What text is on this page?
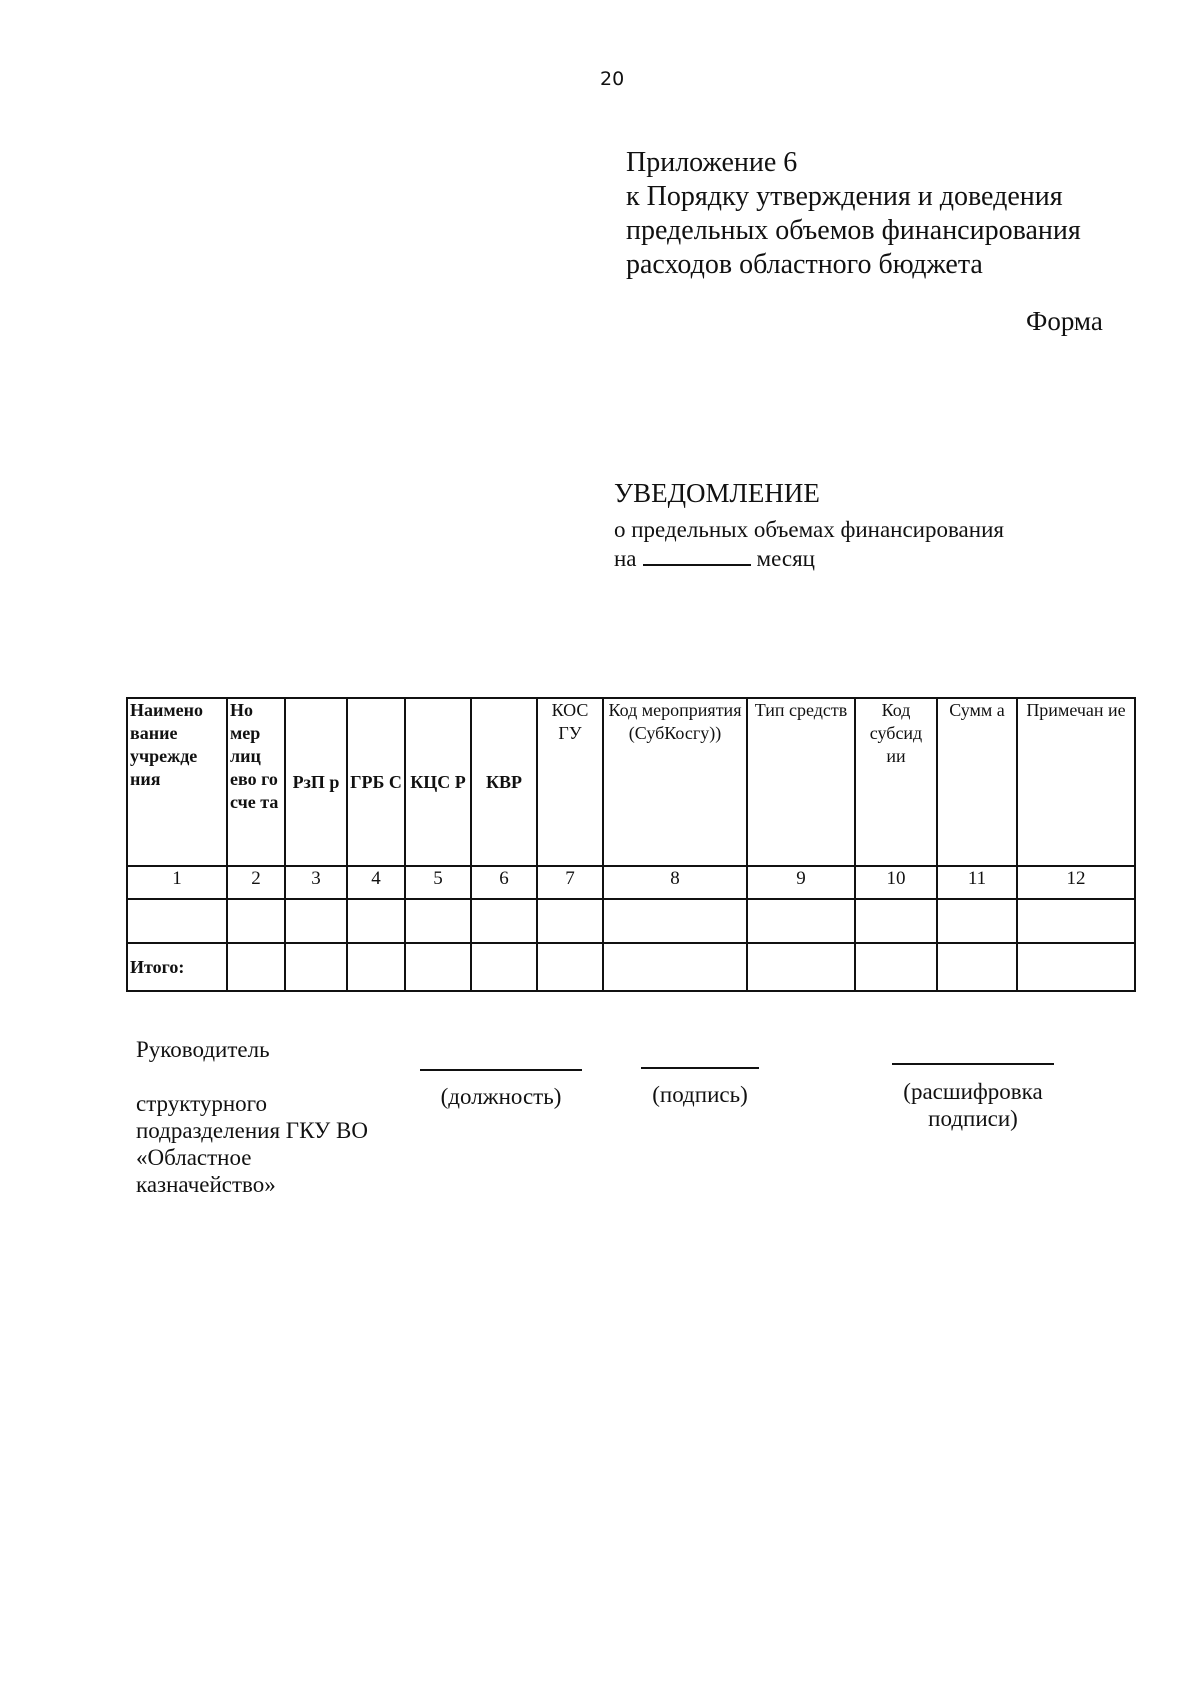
20
Приложение 6
к Порядку утверждения и доведения
предельных объемов финансирования
расходов областного бюджета
Форма
УВЕДОМЛЕНИЕ
о предельных объемах финансирования
на	месяц
Наимено вание учрежде ния	Но мер лиц ево го сче та	РзП р	ГРБ С	КЦС Р	КВР	КОС ГУ	Код мероприятия (СубКосгу))	Тип средств	Код субсид ии	Сумм а	Примечан ие
1	2	3	4	5	6	7	8	9	10	11	12

Итого:											
Руководитель
структурного
подразделения ГКУ ВО
«Областное
казначейство»
(должность)	(подпись)	(расшифровка подписи)
